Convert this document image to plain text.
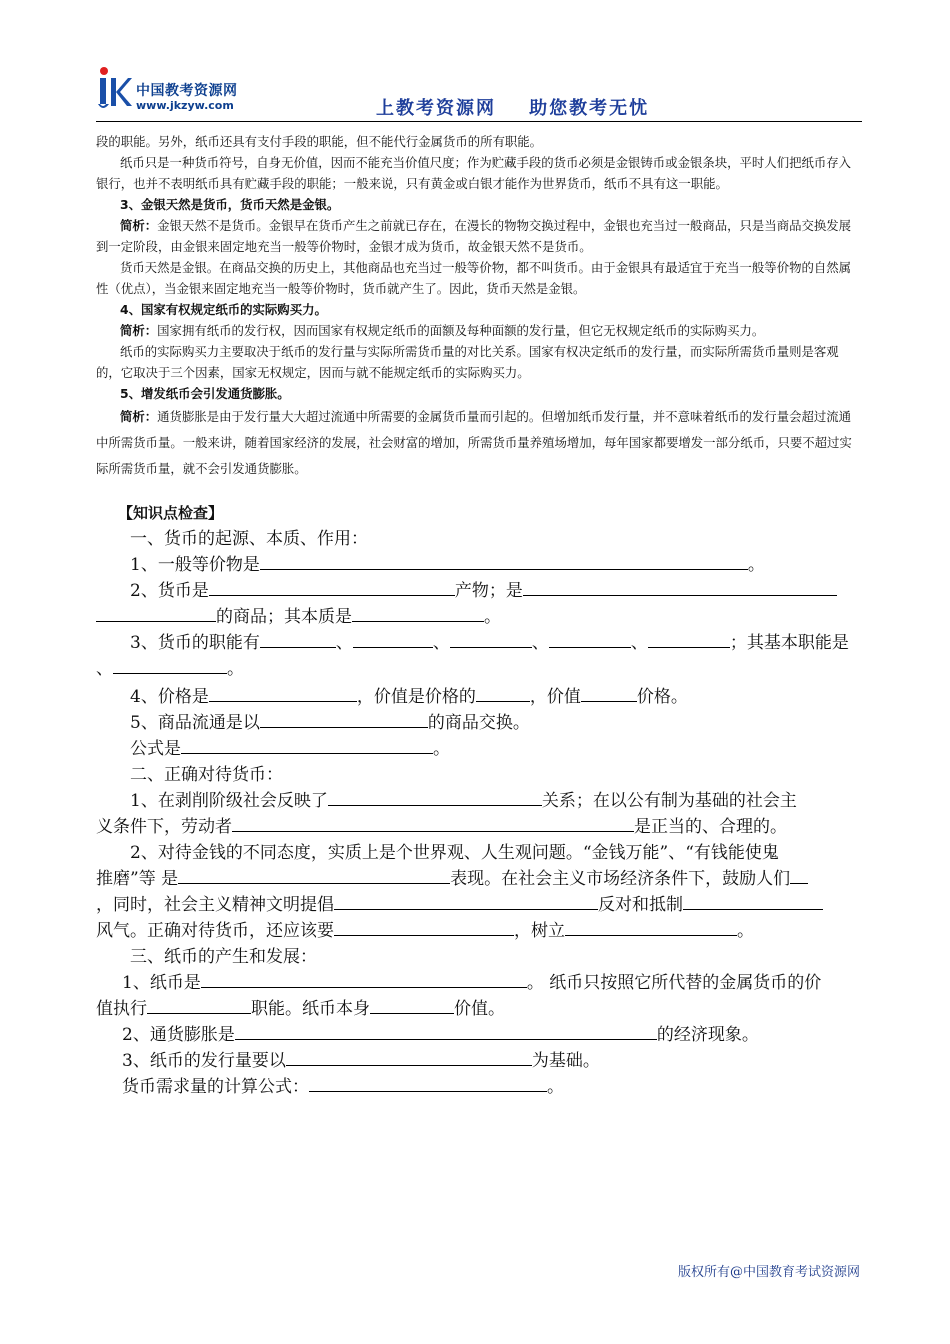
中国教考资源网
www.jkzyw.com	上教考资源网    助您教考无忧

段的职能。另外，纸币还具有支付手段的职能，但不能代行金属货币的所有职能。

纸币只是一种货币符号，自身无价值，因而不能充当价值尺度；作为贮藏手段的货币必须是金银铸币或金银条块，平时人们把纸币存入银行，也并不表明纸币具有贮藏手段的职能；一般来说，只有黄金或白银才能作为世界货币，纸币不具有这一职能。

3、金银天然是货币，货币天然是金银。

简析：金银天然不是货币。金银早在货币产生之前就已存在，在漫长的物物交换过程中，金银也充当过一般商品，只是当商品交换发展到一定阶段，由金银来固定地充当一般等价物时，金银才成为货币，故金银天然不是货币。

货币天然是金银。在商品交换的历史上，其他商品也充当过一般等价物，都不叫货币。由于金银具有最适宜于充当一般等价物的自然属性（优点），当金银来固定地充当一般等价物时，货币就产生了。因此，货币天然是金银。

4、国家有权规定纸币的实际购买力。

简析：国家拥有纸币的发行权，因而国家有权规定纸币的面额及每种面额的发行量，但它无权规定纸币的实际购买力。

纸币的实际购买力主要取决于纸币的发行量与实际所需货币量的对比关系。国家有权决定纸币的发行量，而实际所需货币量则是客观的，它取决于三个因素，国家无权规定，因而与就不能规定纸币的实际购买力。

5、增发纸币会引发通货膨胀。

简析：通货膨胀是由于发行量大大超过流通中所需要的金属货币量而引起的。但增加纸币发行量，并不意味着纸币的发行量会超过流通中所需货币量。一般来讲，随着国家经济的发展，社会财富的增加，所需货币量养殖场增加，每年国家都要增发一部分纸币，只要不超过实际所需货币量，就不会引发通货膨胀。

【知识点检查】
一、货币的起源、本质、作用：
1、一般等价物是	。
2、货币是	产物；是
的商品；其本质是	。
3、货币的职能有	、	、	、	、	；其基本职能是
、	。
4、价格是	，价值是价格的	，价值	价格。
5、商品流通是以	的商品交换。
公式是	。
二、正确对待货币：
1、在剥削阶级社会反映了	关系；在以公有制为基础的社会主
义条件下，劳动者	是正当的、合理的。
2、对待金钱的不同态度，实质上是个世界观、人生观问题。“金钱万能”、“有钱能使鬼
推磨”等 是	表现。在社会主义市场经济条件下，鼓励人们
，同时，社会主义精神文明提倡	反对和抵制
风气。正确对待货币，还应该要	，树立	。
三、纸币的产生和发展：
1、纸币是	。 纸币只按照它所代替的金属货币的价
值执行	职能。纸币本身	价值。
2、通货膨胀是	的经济现象。
3、纸币的发行量要以	为基础。
货币需求量的计算公式：	。
版权所有@中国教育考试资源网
